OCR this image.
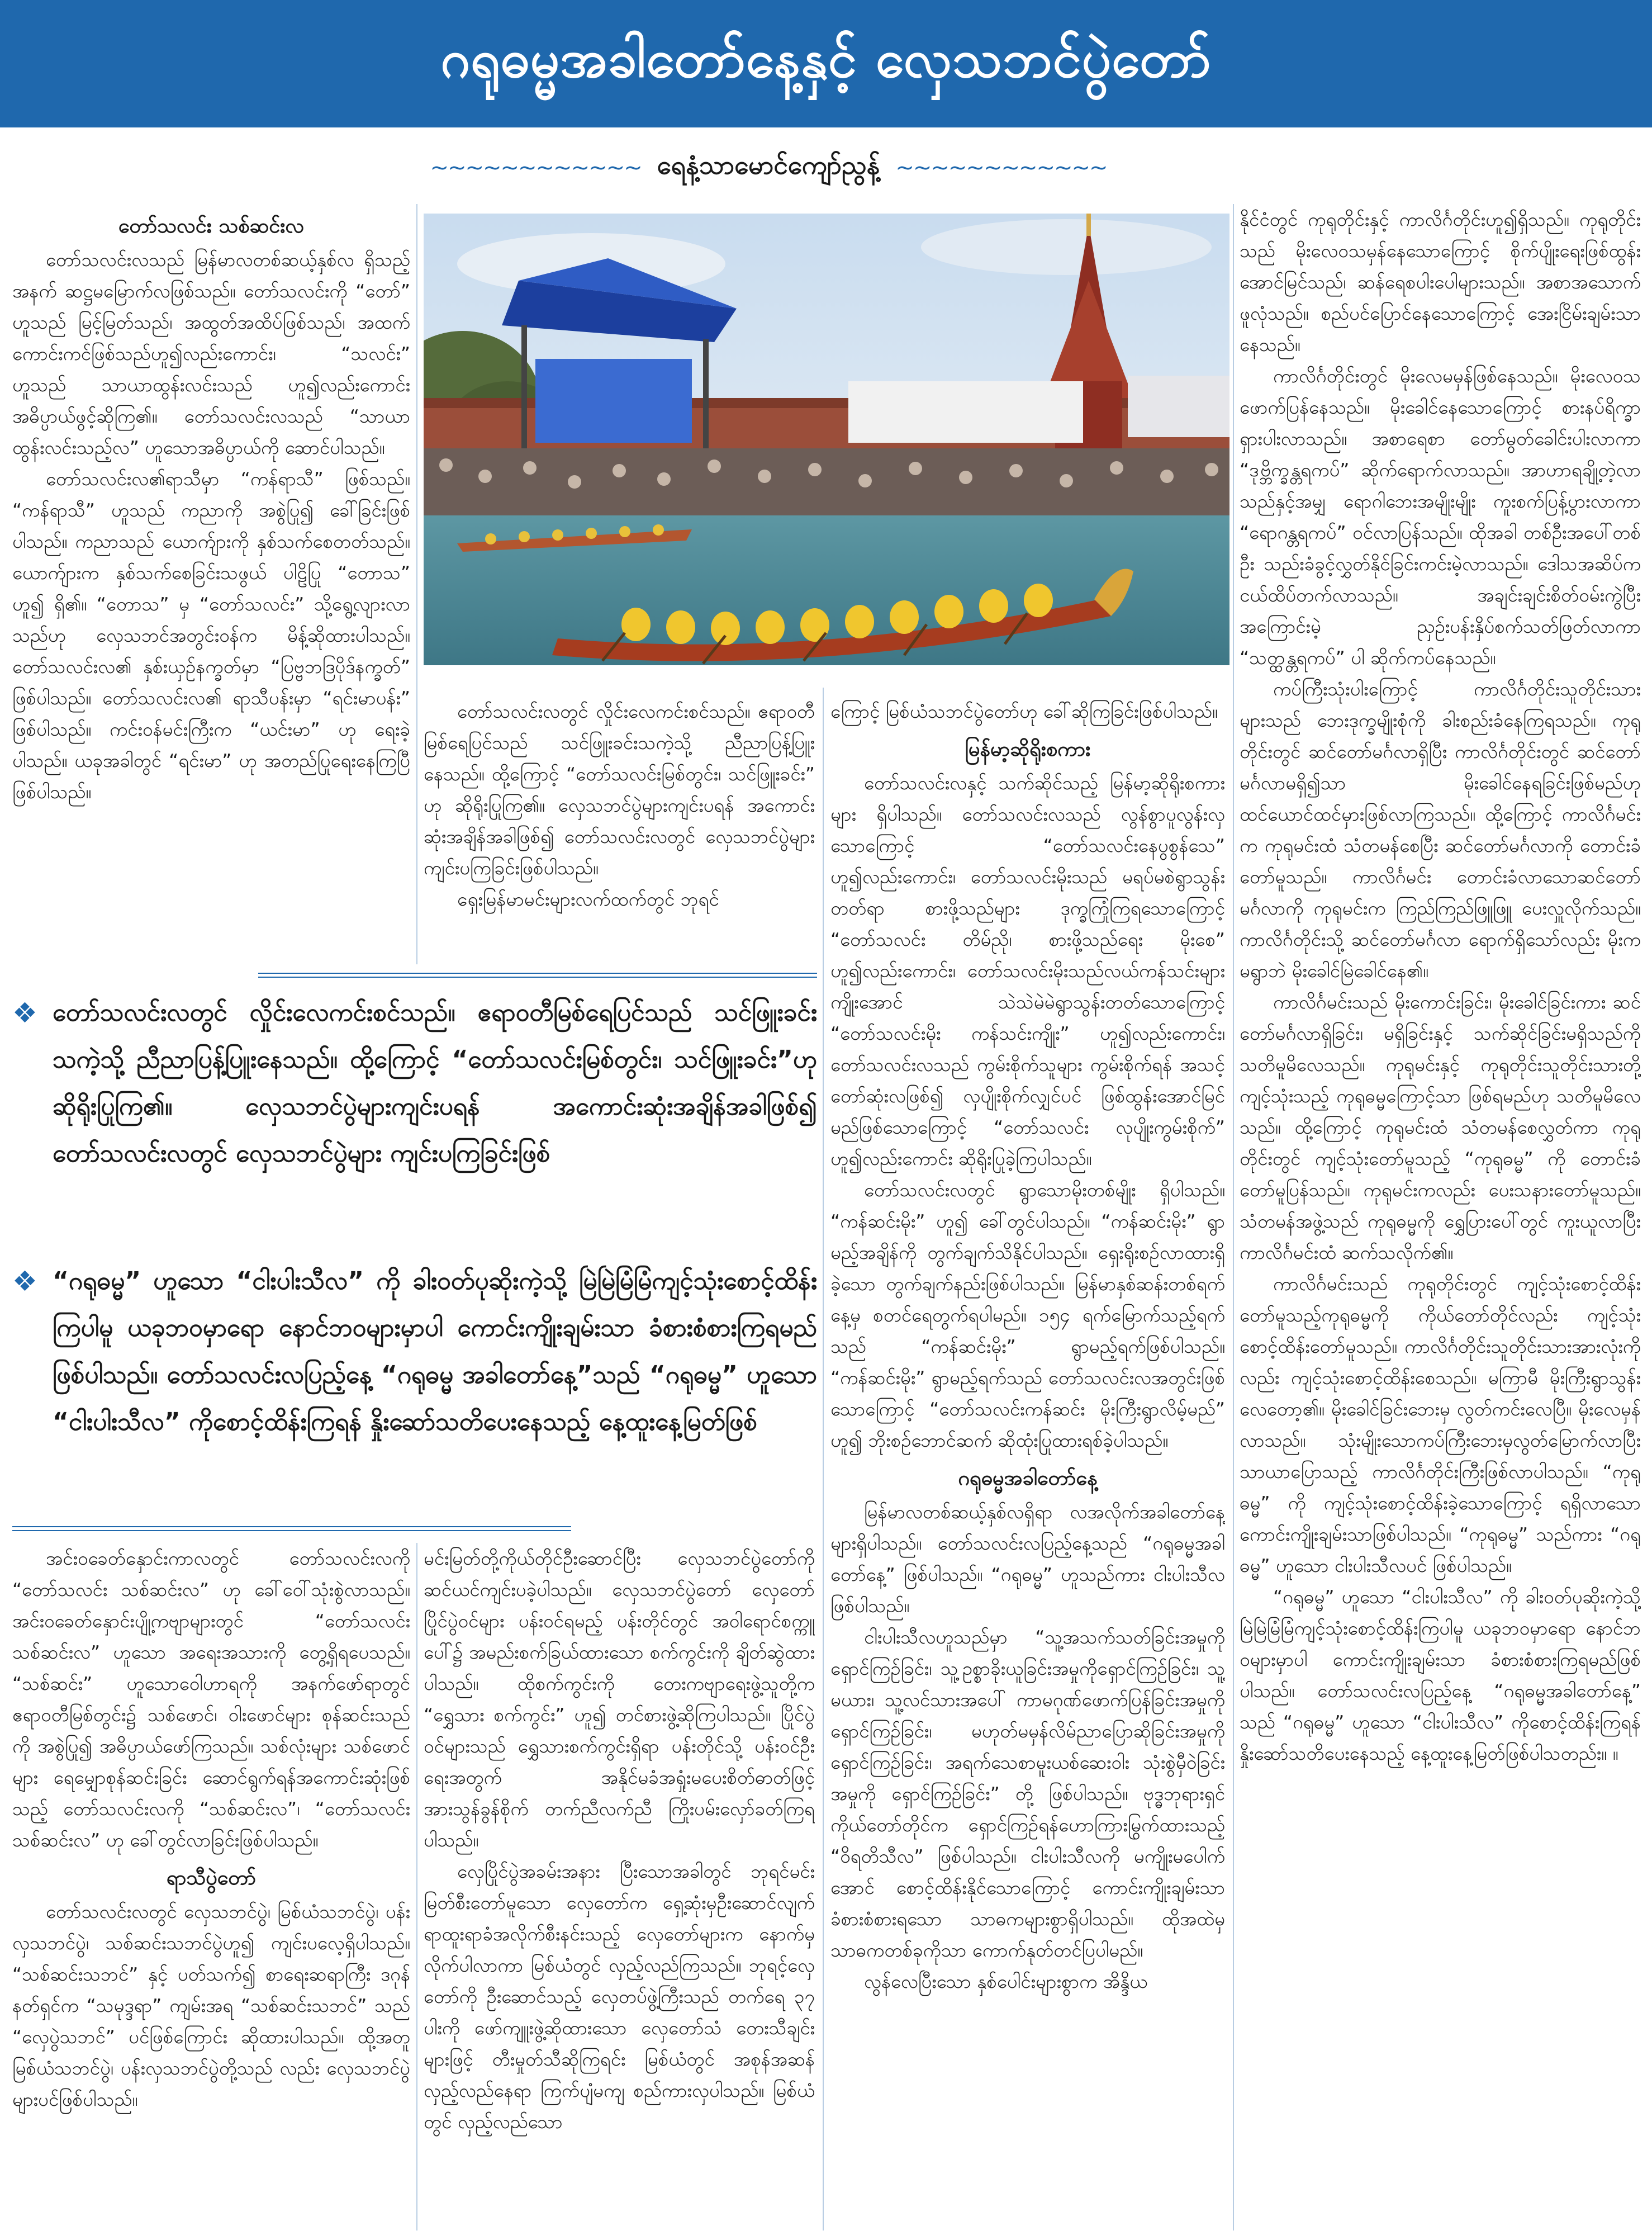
ဂရုဓမ္မအခါတော်နေ့နှင့် လှေသဘင်ပွဲတော်
~~~~~~~~~~~~ ရေနံ့သာမောင်ကျော်ညွန့် ~~~~~~~~~~~~
တော်သလင်း သစ်ဆင်းလ

တော်သလင်းလသည် မြန်မာလတစ်ဆယ့်နှစ်လ ရှိသည့်အနက် ဆဋ္ဌမမြောက်လဖြစ်သည်။ တော်သလင်းကို “တော်” ဟူသည် မြင့်မြတ်သည်၊ အထွတ်အထိပ်ဖြစ်သည်၊ အထက်ကောင်းကင်ဖြစ်သည်ဟူ၍လည်းကောင်း၊ “သလင်း” ဟူသည် သာယာထွန်းလင်းသည် ဟူ၍လည်းကောင်း အဓိပ္ပာယ်ဖွင့်ဆိုကြ၏။ တော်သလင်းလသည် “သာယာထွန်းလင်းသည့်လ” ဟူသောအဓိပ္ပာယ်ကို ဆောင်ပါသည်။

တော်သလင်းလ၏ရာသီမှာ “ကန်ရာသီ” ဖြစ်သည်။ “ကန်ရာသီ” ဟူသည် ကညာကို အစွဲပြု၍ ခေါ်ခြင်းဖြစ်ပါသည်။ ကညာသည် ယောက်ျားကို နှစ်သက်စေတတ်သည်။ ယောက်ျားက နှစ်သက်စေခြင်းသဖွယ် ပါဠိပြု “တောသ” ဟူ၍ ရှိ၏။ “တောသ” မှ “တော်သလင်း” သို့ရွေ့လျားလာသည်ဟု လှေသဘင်အတွင်းဝန်က မိန့်ဆိုထားပါသည်။ တော်သလင်းလ၏ နှစ်းယှဉ်နက္ခတ်မှာ “ပြဗ္ဗဘဒြပိုဒ်နက္ခတ်” ဖြစ်ပါသည်။ တော်သလင်းလ၏ ရာသီပန်းမှာ “ရင်းမာပန်း” ဖြစ်ပါသည်။ ကင်းဝန်မင်းကြီးက “ယင်းမာ” ဟု ရေးခဲ့ပါသည်။ ယခုအခါတွင် “ရင်းမာ” ဟု အတည်ပြုရေးနေကြပြီဖြစ်ပါသည်။

တော်သလင်းလတွင် လှိုင်းလေကင်းစင်သည်။ ဧရာဝတီမြစ်ရေပြင်သည် သင်ဖြူးခင်းသကဲ့သို့ ညီညာပြန့်ပြူးနေသည်။ ထို့ကြောင့် “တော်သလင်းမြစ်တွင်း၊ သင်ဖြူးခင်း” ဟု ဆိုရိုးပြုကြ၏။ လှေသဘင်ပွဲများကျင်းပရန် အကောင်းဆုံးအချိန်အခါဖြစ်၍ တော်သလင်းလတွင် လှေသဘင်ပွဲများ ကျင်းပကြခြင်းဖြစ်ပါသည်။

ရှေးမြန်မာမင်းများလက်ထက်တွင် ဘုရင်

ကြောင့် မြစ်ယံသဘင်ပွဲတော်ဟု ခေါ်ဆိုကြခြင်းဖြစ်ပါသည်။

မြန်မာ့ဆိုရိုးစကား

တော်သလင်းလနှင့် သက်ဆိုင်သည့် မြန်မာ့ဆိုရိုးစကားများ ရှိပါသည်။ တော်သလင်းလသည် လွန်စွာပူလွန်းလှသောကြောင့် “တော်သလင်းနေပွစွန်သေ” ဟူ၍လည်းကောင်း၊ တော်သလင်းမိုးသည် မရပ်မစဲရွာသွန်းတတ်ရာ စားဖို့သည်များ ဒုက္ခကြုံကြရသောကြောင့် “တော်သလင်း တိမ်ညို၊ စားဖို့သည်ရေး မိုးစေ” ဟူ၍လည်းကောင်း၊ တော်သလင်းမိုးသည်လယ်ကန်သင်းများကျိုးအောင် သဲသဲမဲမဲရွာသွန်းတတ်သောကြောင့် “တော်သလင်းမိုး ကန်သင်းကျိုး” ဟူ၍လည်းကောင်း၊ တော်သလင်းလသည် ကွမ်းစိုက်သူများ ကွမ်းစိုက်ရန် အသင့်တော်ဆုံးလဖြစ်၍ လှပျိုးစိုက်လျှင်ပင် ဖြစ်ထွန်းအောင်မြင်မည်ဖြစ်သောကြောင့် “တော်သလင်း လုပျိုးကွမ်းစိုက်” ဟူ၍လည်းကောင်း ဆိုရိုးပြုခဲ့ကြပါသည်။

တော်သလင်းလတွင် ရွာသောမိုးတစ်မျိုး ရှိပါသည်။ “ကန်ဆင်းမိုး” ဟူ၍ ခေါ်တွင်ပါသည်။ “ကန်ဆင်းမိုး” ရွာမည့်အချိန်ကို တွက်ချက်သိနိုင်ပါသည်။ ရှေးရိုးစဉ်လာထားရှိခဲ့သော တွက်ချက်နည်းဖြစ်ပါသည်။ မြန်မာနှစ်ဆန်းတစ်ရက်နေ့မှ စတင်ရေတွက်ရပါမည်။ ၁၅၄ ရက်မြောက်သည့်ရက်သည် “ကန်ဆင်းမိုး” ရွာမည့်ရက်ဖြစ်ပါသည်။ “ကန်ဆင်းမိုး” ရွာမည့်ရက်သည် တော်သလင်းလအတွင်းဖြစ်သောကြောင့် “တော်သလင်းကန်ဆင်း မိုးကြီးရွာလိမ့်မည်” ဟူ၍ ဘိုးစဉ်ဘောင်ဆက် ဆိုထုံးပြုထားရစ်ခဲ့ပါသည်။

ဂရုဓမ္မအခါတော်နေ့

မြန်မာလတစ်ဆယ့်နှစ်လရှိရာ လအလိုက်အခါတော်နေ့များရှိပါသည်။ တော်သလင်းလပြည့်နေ့သည် “ဂရုဓမ္မအခါတော်နေ့” ဖြစ်ပါသည်။ “ဂရုဓမ္မ” ဟူသည်ကား ငါးပါးသီလဖြစ်ပါသည်။

ငါးပါးသီလဟူသည်မှာ “သူ့အသက်သတ်ခြင်းအမှုကို ရှောင်ကြဉ်ခြင်း၊ သူ့ဥစ္စာခိုးယူခြင်းအမှုကိုရှောင်ကြဉ်ခြင်း၊ သူ့မယား၊ သူ့လင်သားအပေါ် ကာမဂုဏ်ဖောက်ပြန်ခြင်းအမှုကို ရှောင်ကြဉ်ခြင်း၊ မဟုတ်မမှန်လိမ်ညာပြောဆိုခြင်းအမှုကို ရှောင်ကြဉ်ခြင်း၊ အရက်သေစာမူးယစ်ဆေးဝါး သုံးစွဲမှီဝဲခြင်းအမှုကို ရှောင်ကြဉ်ခြင်း” တို့ ဖြစ်ပါသည်။ ဗုဒ္ဓဘုရားရှင်ကိုယ်တော်တိုင်က ရှောင်ကြဉ်ရန်ဟောကြားမြွက်ထားသည့် “ဝိရတိသီလ” ဖြစ်ပါသည်။ ငါးပါးသီလကို မကျိုးမပေါက်အောင် စောင့်ထိန်းနိုင်သောကြောင့် ကောင်းကျိုးချမ်းသာ ခံစားစံစားရသော သာဓကများစွာရှိပါသည်။ ထိုအထဲမှ သာဓကတစ်ခုကိုသာ ကောက်နုတ်တင်ပြပါမည်။

လွန်လေပြီးသော နှစ်ပေါင်းများစွာက အိန္ဒိယ

နိုင်ငံတွင် ကုရုတိုင်းနှင့် ကာလိင်္ဂတိုင်းဟူ၍ရှိသည်။ ကုရုတိုင်းသည် မိုးလေဝသမှန်နေသောကြောင့် စိုက်ပျိုးရေးဖြစ်ထွန်းအောင်မြင်သည်၊ ဆန်ရေစပါးပေါများသည်။ အစာအသောက်ဖူလုံသည်။ စည်ပင်ပြောင်နေသောကြောင့် အေးငြိမ်းချမ်းသာနေသည်။

ကာလိင်္ဂတိုင်းတွင် မိုးလေမမှန်ဖြစ်နေသည်။ မိုးလေဝသဖောက်ပြန်နေသည်။ မိုးခေါင်နေသောကြောင့် စားနပ်ရိက္ခာရှားပါးလာသည်။ အစာရေစာ တော်မွတ်ခေါင်းပါးလာကာ “ဒုဗ္ဘိက္ခန္တရကပ်” ဆိုက်ရောက်လာသည်။ အာဟာရချို့တဲ့လာသည်နှင့်အမျှ ရောဂါဘေးအမျိုးမျိုး ကူးစက်ပြန့်ပွားလာကာ “ရောဂန္တရကပ်” ဝင်လာပြန်သည်။ ထိုအခါ တစ်ဦးအပေါ်တစ်ဦး သည်းခံခွင့်လွှတ်နိုင်ခြင်းကင်းမဲ့လာသည်။ ဒေါသအဆိပ်က ငယ်ထိပ်တက်လာသည်။ အချင်းချင်းစိတ်ဝမ်းကွဲပြီး အကြောင်းမဲ့ ညှဉ်းပန်းနှိပ်စက်သတ်ဖြတ်လာကာ “သတ္ထန္တရကပ်” ပါ ဆိုက်ကပ်နေသည်။

ကပ်ကြီးသုံးပါးကြောင့် ကာလိင်္ဂတိုင်းသူတိုင်းသားများသည် ဘေးဒုက္ခမျိုးစုံကို ခါးစည်းခံနေကြရသည်။ ကုရုတိုင်းတွင် ဆင်တော်မင်္ဂလာရှိပြီး ကာလိင်္ဂတိုင်းတွင် ဆင်တော်မင်္ဂလာမရှိ၍သာ မိုးခေါင်နေရခြင်းဖြစ်မည်ဟု ထင်ယောင်ထင်မှားဖြစ်လာကြသည်။ ထို့ကြောင့် ကာလိင်္ဂမင်းက ကုရုမင်းထံ သံတမန်စေပြီး ဆင်တော်မင်္ဂလာကို တောင်းခံတော်မူသည်။ ကာလိင်္ဂမင်း တောင်းခံလာသောဆင်တော်မင်္ဂလာကို ကုရုမင်းက ကြည်ကြည်ဖြူဖြူ ပေးလှူလိုက်သည်။ ကာလိင်္ဂတိုင်းသို့ ဆင်တော်မင်္ဂလာ ရောက်ရှိသော်လည်း မိုးကမရွာဘဲ မိုးခေါင်မြဲခေါင်နေ၏။

ကာလိင်္ဂမင်းသည် မိုးကောင်းခြင်း၊ မိုးခေါင်ခြင်းကား ဆင်တော်မင်္ဂလာရှိခြင်း၊ မရှိခြင်းနှင့် သက်ဆိုင်ခြင်းမရှိသည်ကို သတိမူမိလေသည်။ ကုရုမင်းနှင့် ကုရုတိုင်းသူတိုင်းသားတို့ ကျင့်သုံးသည့် ကုရုဓမ္မကြောင့်သာ ဖြစ်ရမည်ဟု သတိမူမိလေသည်။ ထို့ကြောင့် ကုရုမင်းထံ သံတမန်စေလွှတ်ကာ ကုရုတိုင်းတွင် ကျင့်သုံးတော်မူသည့် “ကုရုဓမ္မ” ကို တောင်းခံတော်မူပြန်သည်။ ကုရုမင်းကလည်း ပေးသနားတော်မူသည်။ သံတမန်အဖွဲ့သည် ကုရုဓမ္မကို ရွှေပြားပေါ်တွင် ကူးယူလာပြီး ကာလိင်္ဂမင်းထံ ဆက်သလိုက်၏။

ကာလိင်္ဂမင်းသည် ကုရုတိုင်းတွင် ကျင့်သုံးစောင့်ထိန်းတော်မူသည့်ကုရုဓမ္မကို ကိုယ်တော်တိုင်လည်း ကျင့်သုံးစောင့်ထိန်းတော်မူသည်။ ကာလိင်္ဂတိုင်းသူတိုင်းသားအားလုံးကိုလည်း ကျင့်သုံးစောင့်ထိန်းစေသည်။ မကြာမီ မိုးကြီးရွာသွန်းလေတော့၏။ မိုးခေါင်ခြင်းဘေးမှ လွတ်ကင်းလေပြီ။ မိုးလေမှန်လာသည်။ သုံးမျိုးသောကပ်ကြီးဘေးမှလွတ်မြောက်လာပြီး သာယာပြောသည့် ကာလိင်္ဂတိုင်းကြီးဖြစ်လာပါသည်။ “ကုရုဓမ္မ” ကို ကျင့်သုံးစောင့်ထိန်းခဲ့သောကြောင့် ရရှိလာသော ကောင်းကျိုးချမ်းသာဖြစ်ပါသည်။ “ကုရုဓမ္မ” သည်ကား “ဂရုဓမ္မ” ဟူသော ငါးပါးသီလပင် ဖြစ်ပါသည်။

“ဂရုဓမ္မ” ဟူသော “ငါးပါးသီလ” ကို ခါးဝတ်ပုဆိုးကဲ့သို့ မြဲမြဲမြံမြံကျင့်သုံးစောင့်ထိန်းကြပါမူ ယခုဘဝမှာရော နောင်ဘဝများမှာပါ ကောင်းကျိုးချမ်းသာ ခံစားစံစားကြရမည်ဖြစ်ပါသည်။ တော်သလင်းလပြည့်နေ့ “ဂရုဓမ္မအခါတော်နေ့” သည် “ဂရုဓမ္မ” ဟူသော “ငါးပါးသီလ” ကိုစောင့်ထိန်းကြရန် နှိုးဆော်သတိပေးနေသည့် နေ့ထူးနေ့မြတ်ဖြစ်ပါသတည်း။ ။

❖ တော်သလင်းလတွင် လှိုင်းလေကင်းစင်သည်။ ဧရာဝတီမြစ်ရေပြင်သည် သင်ဖြူးခင်းသကဲ့သို့ ညီညာပြန့်ပြူးနေသည်။ ထို့ကြောင့် “တော်သလင်းမြစ်တွင်း၊ သင်ဖြူးခင်း”ဟု ဆိုရိုးပြုကြ၏။ လှေသဘင်ပွဲများကျင်းပရန် အကောင်းဆုံးအချိန်အခါဖြစ်၍ တော်သလင်းလတွင် လှေသဘင်ပွဲများ ကျင်းပကြခြင်းဖြစ်
❖ “ဂရုဓမ္မ” ဟူသော “ငါးပါးသီလ” ကို ခါးဝတ်ပုဆိုးကဲ့သို့ မြဲမြဲမြံမြံကျင့်သုံးစောင့်ထိန်းကြပါမူ ယခုဘဝမှာရော နောင်ဘဝများမှာပါ ကောင်းကျိုးချမ်းသာ ခံစားစံစားကြရမည်ဖြစ်ပါသည်။ တော်သလင်းလပြည့်နေ့ “ဂရုဓမ္မ အခါတော်နေ့”သည် “ဂရုဓမ္မ” ဟူသော “ငါးပါးသီလ” ကိုစောင့်ထိန်းကြရန် နှိုးဆော်သတိပေးနေသည့် နေ့ထူးနေ့မြတ်ဖြစ်

အင်းဝခေတ်နှောင်းကာလတွင် တော်သလင်းလကို “တော်သလင်း သစ်ဆင်းလ” ဟု ခေါ်ဝေါ်သုံးစွဲလာသည်။ အင်းဝခေတ်နှောင်းပျို့ကဗျာများတွင် “တော်သလင်း သစ်ဆင်းလ” ဟူသော အရေးအသားကို တွေ့ရှိရပေသည်။ “သစ်ဆင်း” ဟူသောဝေါဟာရကို အနက်ဖော်ရာတွင် ဧရာဝတီမြစ်တွင်း၌ သစ်ဖောင်၊ ဝါးဖောင်များ စုန်ဆင်းသည်ကို အစွဲပြု၍ အဓိပ္ပာယ်ဖော်ကြသည်။ သစ်လုံးများ သစ်ဖောင်များ ရေမျှောစုန်ဆင်းခြင်း ဆောင်ရွက်ရန်အကောင်းဆုံးဖြစ်သည့် တော်သလင်းလကို “သစ်ဆင်းလ”၊ “တော်သလင်း သစ်ဆင်းလ” ဟု ခေါ်တွင်လာခြင်းဖြစ်ပါသည်။

ရာသီပွဲတော်

တော်သလင်းလတွင် လှေသဘင်ပွဲ၊ မြစ်ယံသဘင်ပွဲ၊ ပန်းလှသဘင်ပွဲ၊ သစ်ဆင်းသဘင်ပွဲဟူ၍ ကျင်းပလေ့ရှိပါသည်။ “သစ်ဆင်းသဘင်” နှင့် ပတ်သက်၍ စာရေးဆရာကြီး ဒဂုန်နတ်ရှင်က “သမုဒ္ဒရာ” ကျမ်းအရ “သစ်ဆင်းသဘင်” သည် “လှေပွဲသဘင်” ပင်ဖြစ်ကြောင်း ဆိုထားပါသည်။ ထို့အတူမြစ်ယံသဘင်ပွဲ၊ ပန်းလှသဘင်ပွဲတို့သည် လည်း လှေသဘင်ပွဲများပင်ဖြစ်ပါသည်။

မင်းမြတ်တို့ကိုယ်တိုင်ဦးဆောင်ပြီး လှေသဘင်ပွဲတော်ကို ဆင်ယင်ကျင်းပခဲ့ပါသည်။ လှေသဘင်ပွဲတော် လှေတော်ပြိုင်ပွဲဝင်များ ပန်းဝင်ရမည့် ပန်းတိုင်တွင် အဝါရောင်စက္ကူပေါ်၌ အမည်းစက်ခြယ်ထားသော စက်ကွင်းကို ချိတ်ဆွဲထားပါသည်။ ထိုစက်ကွင်းကို တေးကဗျာရေးဖွဲ့သူတို့က “ရွှေသား စက်ကွင်း” ဟူ၍ တင်စားဖွဲ့ဆိုကြပါသည်။ ပြိုင်ပွဲဝင်များသည် ရွှေသားစက်ကွင်းရှိရာ ပန်းတိုင်သို့ ပန်းဝင်ဦးရေးအတွက် အနိုင်မခံအရှုံးမပေးစိတ်ဓာတ်ဖြင့် အားသွန်ခွန်စိုက် တက်ညီလက်ညီ ကြိုးပမ်းလှော်ခတ်ကြရပါသည်။

လှေပြိုင်ပွဲအခမ်းအနား ပြီးသောအခါတွင် ဘုရင်မင်းမြတ်စီးတော်မူသော လှေတော်က ရှေ့ဆုံးမှဦးဆောင်လျက် ရာထူးရာခံအလိုက်စီးနင်းသည့် လှေတော်များက နောက်မှလိုက်ပါလာကာ မြစ်ယံတွင် လှည့်လည်ကြသည်။ ဘုရင့်လှေတော်ကို ဦးဆောင်သည့် လှေတပ်ဖွဲ့ကြီးသည် တက်ရေ ၃၇ ပါးကို ဖော်ကျူးဖွဲ့ဆိုထားသော လှေတော်သံ တေးသီချင်းများဖြင့် တီးမှုတ်သီဆိုကြရင်း မြစ်ယံတွင် အစုန်အဆန်လှည့်လည်နေရာ ကြက်ပျံမကျ စည်ကားလှပါသည်။ မြစ်ယံတွင် လှည့်လည်သော
